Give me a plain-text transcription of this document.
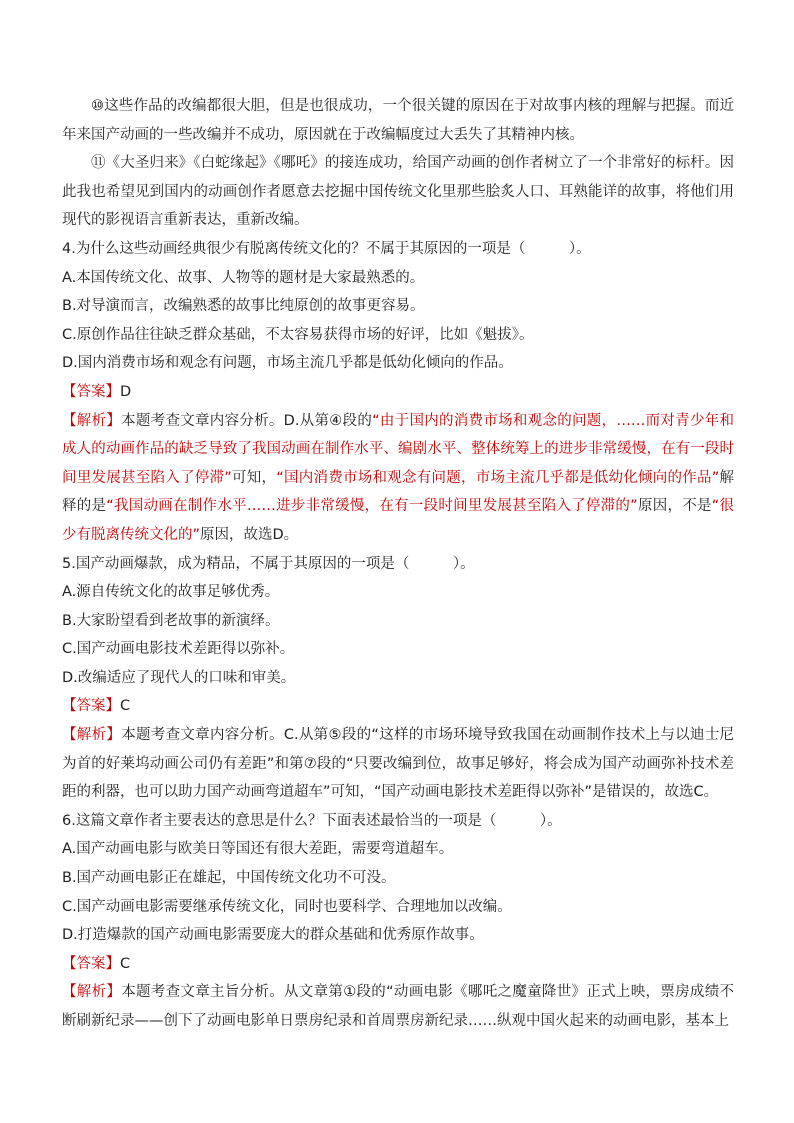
⑩这些作品的改编都很大胆，但是也很成功，一个很关键的原因在于对故事内核的理解与把握。而近年来国产动画的一些改编并不成功，原因就在于改编幅度过大丢失了其精神内核。

⑪《大圣归来》《白蛇缘起》《哪吒》的接连成功，给国产动画的创作者树立了一个非常好的标杆。因此我也希望见到国内的动画创作者愿意去挖掘中国传统文化里那些脍炙人口、耳熟能详的故事，将他们用现代的影视语言重新表达，重新改编。

4.为什么这些动画经典很少有脱离传统文化的？不属于其原因的一项是（　　　）。

A.本国传统文化、故事、人物等的题材是大家最熟悉的。

B.对导演而言，改编熟悉的故事比纯原创的故事更容易。

C.原创作品往往缺乏群众基础，不太容易获得市场的好评，比如《魁拔》。

D.国内消费市场和观念有问题，市场主流几乎都是低幼化倾向的作品。

【答案】D

【解析】本题考查文章内容分析。D.从第④段的“由于国内的消费市场和观念的问题，……而对青少年和成人的动画作品的缺乏导致了我国动画在制作水平、编剧水平、整体统筹上的进步非常缓慢，在有一段时间里发展甚至陷入了停滞”可知，“国内消费市场和观念有问题，市场主流几乎都是低幼化倾向的作品”解释的是“我国动画在制作水平……进步非常缓慢，在有一段时间里发展甚至陷入了停滞的”原因，不是“很少有脱离传统文化的”原因，故选D。

5.国产动画爆款，成为精品，不属于其原因的一项是（　　　）。

A.源自传统文化的故事足够优秀。

B.大家盼望看到老故事的新演绎。

C.国产动画电影技术差距得以弥补。

D.改编适应了现代人的口味和审美。

【答案】C

【解析】本题考查文章内容分析。C.从第⑤段的“这样的市场环境导致我国在动画制作技术上与以迪士尼为首的好莱坞动画公司仍有差距”和第⑦段的“只要改编到位，故事足够好，将会成为国产动画弥补技术差距的利器，也可以助力国产动画弯道超车”可知，“国产动画电影技术差距得以弥补”是错误的，故选C。

6.这篇文章作者主要表达的意思是什么？下面表述最恰当的一项是（　　　）。

A.国产动画电影与欧美日等国还有很大差距，需要弯道超车。

B.国产动画电影正在雄起，中国传统文化功不可没。

C.国产动画电影需要继承传统文化，同时也要科学、合理地加以改编。

D.打造爆款的国产动画电影需要庞大的群众基础和优秀原作故事。

【答案】C

【解析】本题考查文章主旨分析。从文章第①段的“动画电影《哪吒之魔童降世》正式上映，票房成绩不断刷新纪录——创下了动画电影单日票房纪录和首周票房新纪录……纵观中国火起来的动画电影，基本上
